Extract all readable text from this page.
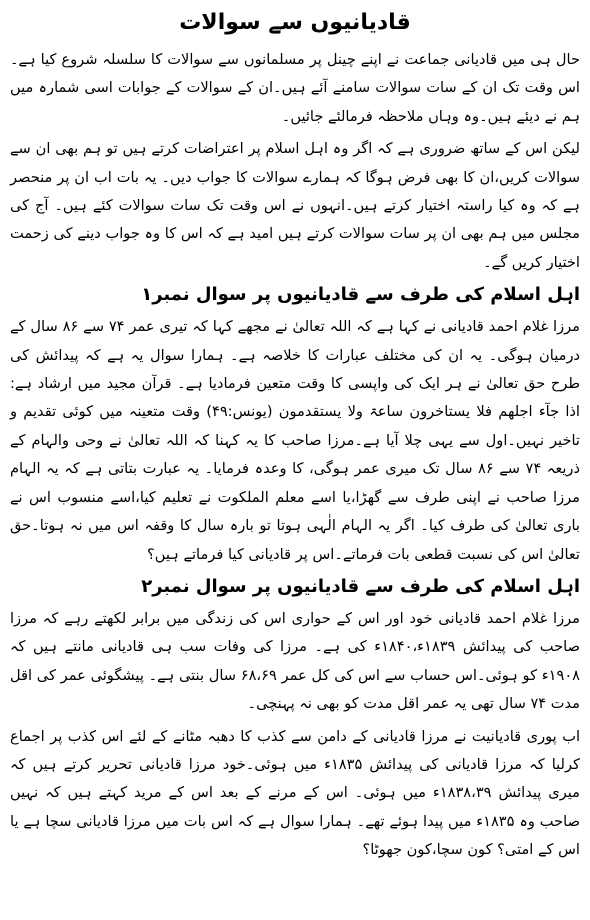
قادیانیوں سے سوالات

حال ہی میں قادیانی جماعت نے اپنے چینل پر مسلمانوں سے سوالات کا سلسلہ شروع کیا ہے۔اس وقت تک ان کے سات سوالات سامنے آئے ہیں۔ان کے سوالات کے جوابات اسی شمارہ میں ہم نے دیئے ہیں۔وہ وہاں ملاحظہ فرمالئے جائیں۔

لیکن اس کے ساتھ ضروری ہے کہ اگر وہ اہل اسلام پر اعتراضات کرتے ہیں تو ہم بھی ان سے سوالات کریں،ان کا بھی فرض ہوگا کہ ہمارے سوالات کا جواب دیں۔ یہ بات اب ان پر منحصر ہے کہ وہ کیا راستہ اختیار کرتے ہیں۔انہوں نے اس وقت تک سات سوالات کئے ہیں۔ آج کی مجلس میں ہم بھی ان پر سات سوالات کرتے ہیں امید ہے کہ اس کا وہ جواب دینے کی زحمت اختیار کریں گے۔

اہل اسلام کی طرف سے قادیانیوں پر سوال نمبر۱

مرزا غلام احمد قادیانی نے کہا ہے کہ اللہ تعالیٰ نے مجھے کہا کہ تیری عمر ۷۴ سے ۸۶ سال کے درمیان ہوگی۔ یہ ان کی مختلف عبارات کا خلاصہ ہے۔ ہمارا سوال یہ ہے کہ پیدائش کی طرح حق تعالیٰ نے ہر ایک کی واپسی کا وقت متعین فرمادیا ہے۔ قرآن مجید میں ارشاد ہے: اذا جآء اجلھم فلا یستاخرون ساعۃ ولا یستقدمون (یونس:۴۹) وقت متعینہ میں کوئی تقدیم و تاخیر نہیں۔اول سے یہی چلا آیا ہے۔مرزا صاحب کا یہ کہنا کہ اللہ تعالیٰ نے وحی والہام کے ذریعہ ۷۴ سے ۸۶ سال تک میری عمر ہوگی، کا وعدہ فرمایا۔ یہ عبارت بتاتی ہے کہ یہ الہام مرزا صاحب نے اپنی طرف سے گھڑا،یا اسے معلم الملکوت نے تعلیم کیا،اسے منسوب اس نے باری تعالیٰ کی طرف کیا۔ اگر یہ الہام الٰہی ہوتا تو بارہ سال کا وقفہ اس میں نہ ہوتا۔حق تعالیٰ اس کی نسبت قطعی بات فرماتے۔اس پر قادیانی کیا فرماتے ہیں؟

اہل اسلام کی طرف سے قادیانیوں پر سوال نمبر۲

مرزا غلام احمد قادیانی خود اور اس کے حواری اس کی زندگی میں برابر لکھتے رہے کہ مرزا صاحب کی پیدائش ۱۸۳۹ء،۱۸۴۰ء کی ہے۔ مرزا کی وفات سب ہی قادیانی مانتے ہیں کہ ۱۹۰۸ء کو ہوئی۔اس حساب سے اس کی کل عمر ۶۸،۶۹ سال بنتی ہے۔ پیشگوئی عمر کی اقل مدت ۷۴ سال تھی یہ عمر اقل مدت کو بھی نہ پہنچی۔

اب پوری قادیانیت نے مرزا قادیانی کے دامن سے کذب کا دھبہ مٹانے کے لئے اس کذب پر اجماع کرلیا کہ مرزا قادیانی کی پیدائش ۱۸۳۵ء میں ہوئی۔خود مرزا قادیانی تحریر کرتے ہیں کہ میری پیدائش ۱۸۳۸،۳۹ء میں ہوئی۔ اس کے مرنے کے بعد اس کے مرید کہتے ہیں کہ نہیں صاحب وہ ۱۸۳۵ء میں پیدا ہوئے تھے۔ ہمارا سوال ہے کہ اس بات میں مرزا قادیانی سچا ہے یا اس کے امتی؟ کون سچا،کون جھوٹا؟
